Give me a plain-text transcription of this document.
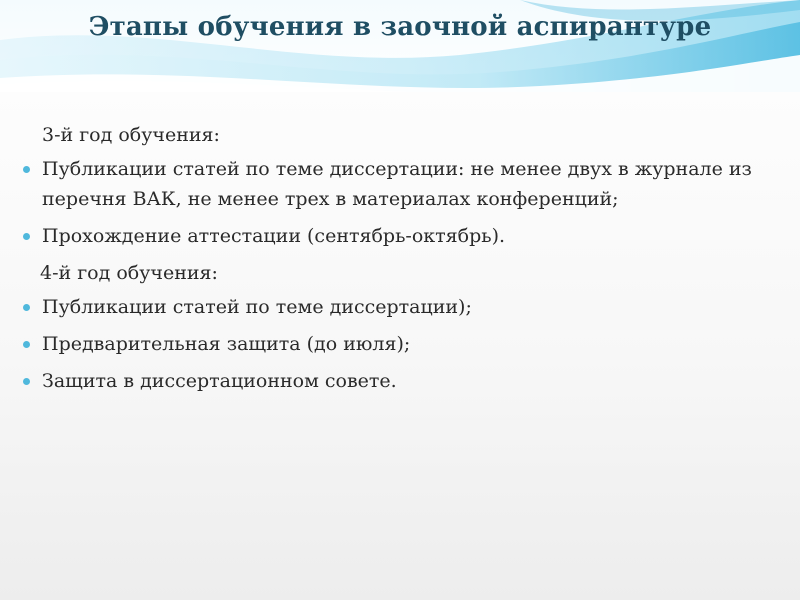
Этапы обучения в заочной аспирантуре

3-й год обучения:

Публикации статей по теме диссертации: не менее двух в журнале из перечня ВАК, не менее трех в материалах конференций;
Прохождение аттестации (сентябрь-октябрь).

4-й год обучения:

Публикации статей по теме диссертации);
Предварительная защита (до июля);
Защита в диссертационном совете.
